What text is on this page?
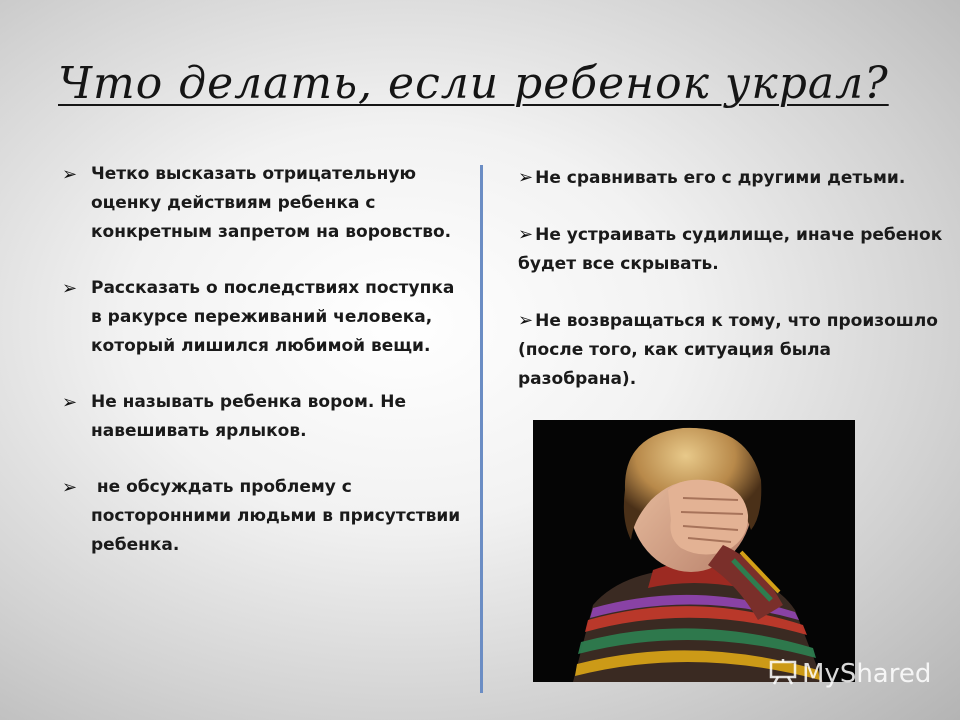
Что делать, если ребенок украл?
➢ Четко высказать отрицательную оценку действиям ребенка с конкретным запретом на воровство.
➢ Рассказать о последствиях поступка в ракурсе переживаний человека, который лишился любимой вещи.
➢ Не называть ребенка вором. Не навешивать ярлыков.
➢ не обсуждать проблему с посторонними людьми в присутствии ребенка.
➢ Не сравнивать его с другими детьми.
➢ Не устраивать судилище, иначе ребенок будет все скрывать.
➢ Не возвращаться к тому, что произошло (после того, как ситуация была разобрана).
MyShared
